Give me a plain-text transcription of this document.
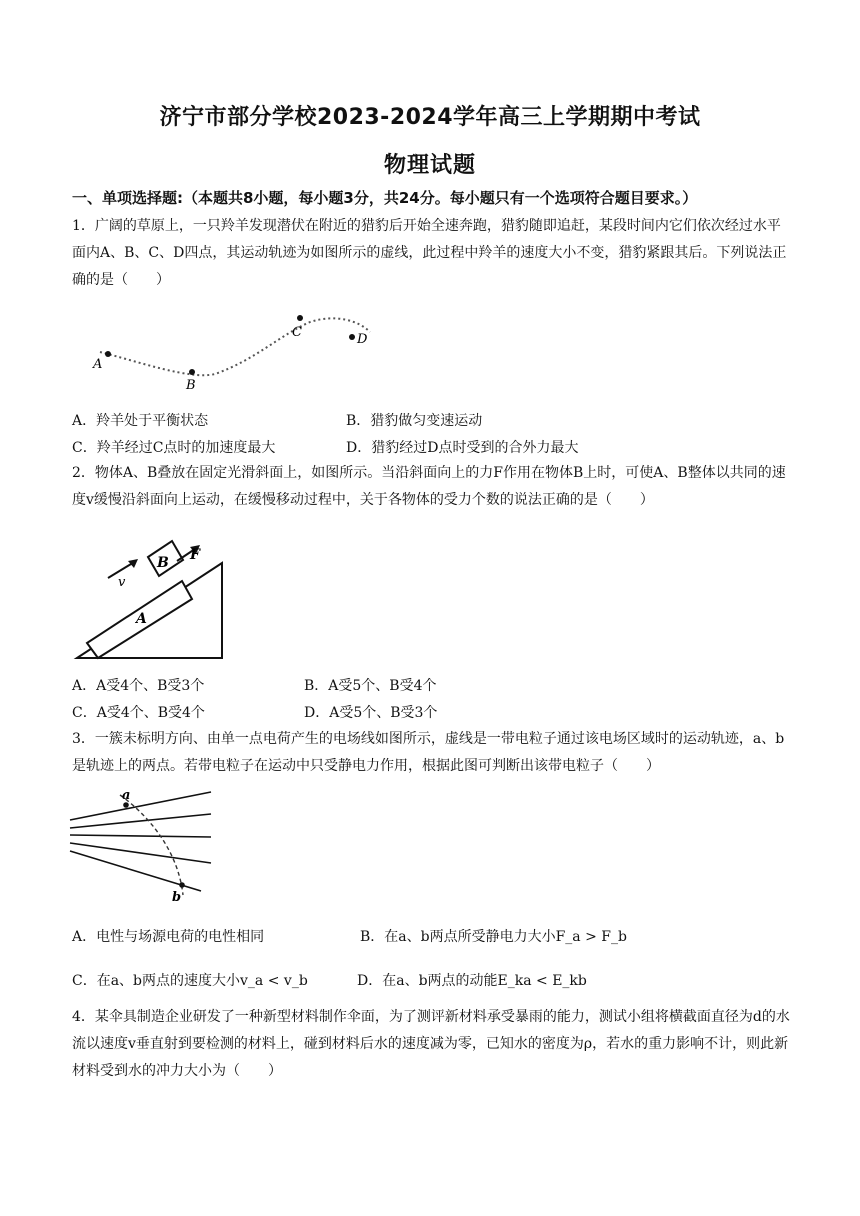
济宁市部分学校2023-2024学年高三上学期期中考试
物理试题
一、单项选择题:（本题共8小题，每小题3分，共24分。每小题只有一个选项符合题目要求。）
1．广阔的草原上，一只羚羊发现潜伏在附近的猎豹后开始全速奔跑，猎豹随即追赶，某段时间内它们依次经过水平面内A、B、C、D四点，其运动轨迹为如图所示的虚线，此过程中羚羊的速度大小不变，猎豹紧跟其后。下列说法正确的是（　　）
A
B
C	D
A．羚羊处于平衡状态	B．猎豹做匀变速运动
C．羚羊经过C点时的加速度最大	D．猎豹经过D点时受到的合外力最大
2．物体A、B叠放在固定光滑斜面上，如图所示。当沿斜面向上的力F作用在物体B上时，可使A、B整体以共同的速度v缓慢沿斜面向上运动，在缓慢移动过程中，关于各物体的受力个数的说法正确的是（　　）
B F
v
A
A．A受4个、B受3个	B．A受5个、B受4个
C．A受4个、B受4个	D．A受5个、B受3个
3．一簇未标明方向、由单一点电荷产生的电场线如图所示，虚线是一带电粒子通过该电场区域时的运动轨迹，a、b是轨迹上的两点。若带电粒子在运动中只受静电力作用，根据此图可判断出该带电粒子（　　）
a
b
A．电性与场源电荷的电性相同	B．在a、b两点所受静电力大小F_a > F_b
C．在a、b两点的速度大小v_a < v_b	D．在a、b两点的动能E_ka < E_kb
4．某伞具制造企业研发了一种新型材料制作伞面，为了测评新材料承受暴雨的能力，测试小组将横截面直径为d的水流以速度v垂直射到要检测的材料上，碰到材料后水的速度减为零，已知水的密度为ρ，若水的重力影响不计，则此新材料受到水的冲力大小为（　　）
